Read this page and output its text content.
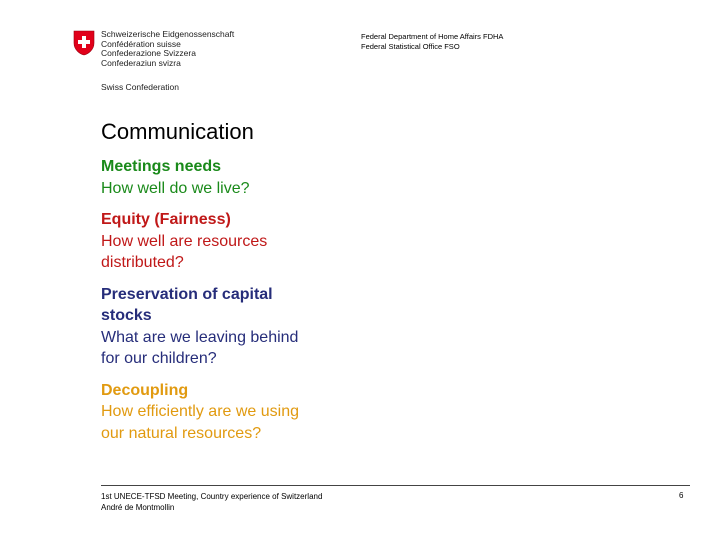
Schweizerische Eidgenossenschaft
Confédération suisse
Confederazione Svizzera
Confederaziun svizra
Swiss Confederation
Federal Department of Home Affairs FDHA
Federal Statistical Office FSO
Communication
Meetings needs
How well do we live?
Equity (Fairness)
How well are resources distributed?
Preservation of capital stocks
What are we leaving behind for our children?
Decoupling
How efficiently are we using our natural resources?
1st UNECE-TFSD Meeting, Country experience of Switzerland
André de Montmollin
6
